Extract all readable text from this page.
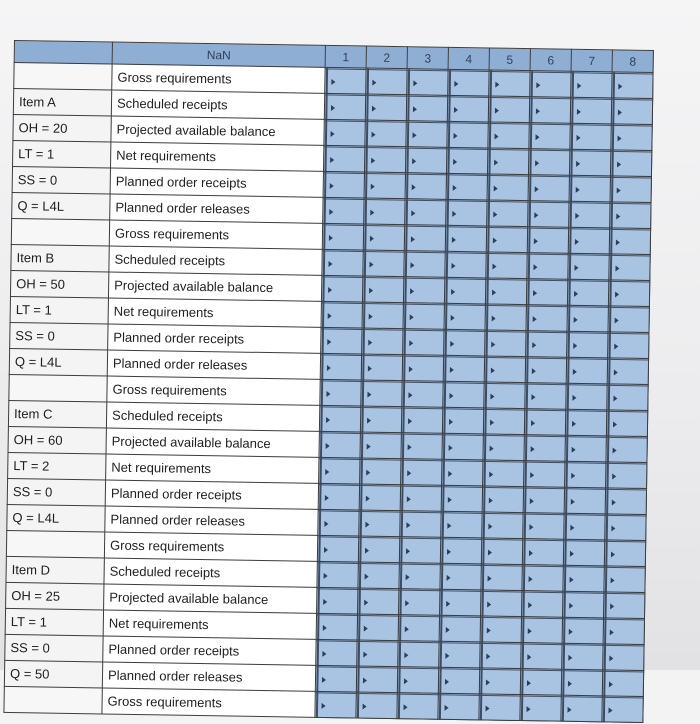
	NaN	1	2	3	4	5	6	7	8
	Gross requirements								
Item A	Scheduled receipts								
OH = 20	Projected available balance								
LT = 1	Net requirements								
SS = 0	Planned order receipts								
Q = L4L	Planned order releases								
	Gross requirements								
Item B	Scheduled receipts								
OH = 50	Projected available balance								
LT = 1	Net requirements								
SS = 0	Planned order receipts								
Q = L4L	Planned order releases								
	Gross requirements								
Item C	Scheduled receipts								
OH = 60	Projected available balance								
LT = 2	Net requirements								
SS = 0	Planned order receipts								
Q = L4L	Planned order releases								
	Gross requirements								
Item D	Scheduled receipts								
OH = 25	Projected available balance								
LT = 1	Net requirements								
SS = 0	Planned order receipts								
Q = 50	Planned order releases								
	Gross requirements								
